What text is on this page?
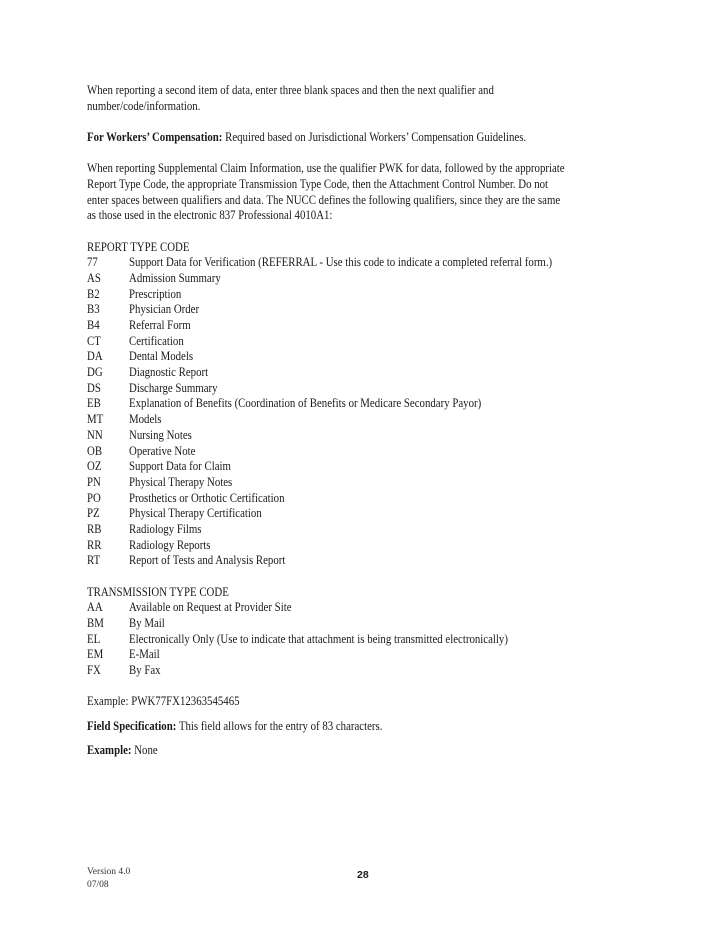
When reporting a second item of data, enter three blank spaces and then the next qualifier and
number/code/information.
For Workers’ Compensation: Required based on Jurisdictional Workers’ Compensation Guidelines.
When reporting Supplemental Claim Information, use the qualifier PWK for data, followed by the appropriate
Report Type Code, the appropriate Transmission Type Code, then the Attachment Control Number. Do not
enter spaces between qualifiers and data. The NUCC defines the following qualifiers, since they are the same
as those used in the electronic 837 Professional 4010A1:
REPORT TYPE CODE
77 Support Data for Verification (REFERRAL - Use this code to indicate a completed referral form.)
AS Admission Summary
B2 Prescription
B3 Physician Order
B4 Referral Form
CT Certification
DA Dental Models
DG Diagnostic Report
DS Discharge Summary
EB Explanation of Benefits (Coordination of Benefits or Medicare Secondary Payor)
MT Models
NN Nursing Notes
OB Operative Note
OZ Support Data for Claim
PN Physical Therapy Notes
PO Prosthetics or Orthotic Certification
PZ Physical Therapy Certification
RB Radiology Films
RR Radiology Reports
RT Report of Tests and Analysis Report
TRANSMISSION TYPE CODE
AA Available on Request at Provider Site
BM By Mail
EL Electronically Only (Use to indicate that attachment is being transmitted electronically)
EM E-Mail
FX By Fax
Example: PWK77FX12363545465
Field Specification: This field allows for the entry of 83 characters.
Example: None
Version 4.0
07/08
28
